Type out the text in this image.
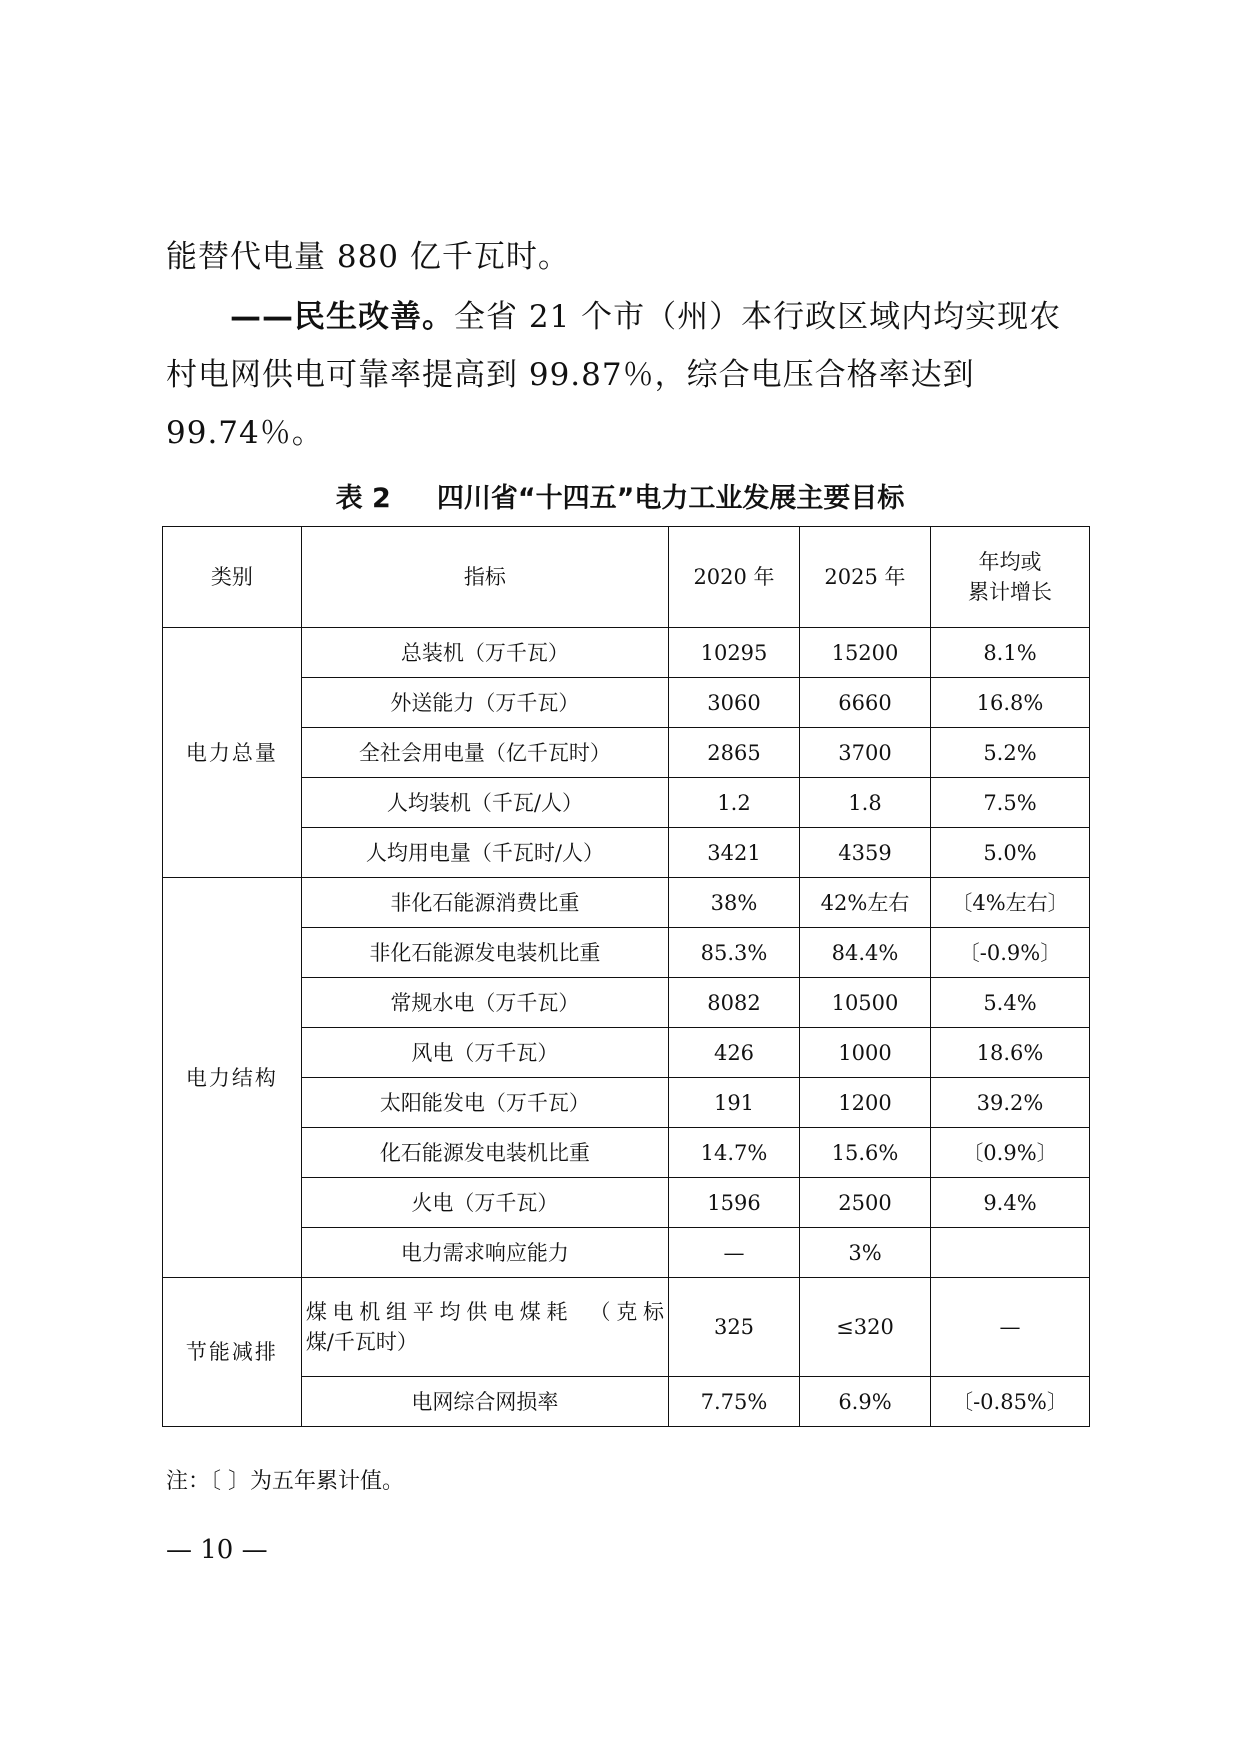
能替代电量 880 亿千瓦时。
——民生改善。全省 21 个市（州）本行政区域内均实现农村电网供电可靠率提高到 99.87％，综合电压合格率达到 99.74％。
表 2 四川省“十四五”电力工业发展主要目标
类别	指标	2020 年	2025 年	年均或
累计增长

电力总量	总装机（万千瓦）	10295	15200	8.1%
	外送能力（万千瓦）	3060	6660	16.8%
	全社会用电量（亿千瓦时）	2865	3700	5.2%
	人均装机（千瓦/人）	1.2	1.8	7.5%
	人均用电量（千瓦时/人）	3421	4359	5.0%
电力结构	非化石能源消费比重	38%	42%左右	〔4%左右〕
	非化石能源发电装机比重	85.3%	84.4%	〔-0.9%〕
	常规水电（万千瓦）	8082	10500	5.4%
	风电（万千瓦）	426	1000	18.6%
	太阳能发电（万千瓦）	191	1200	39.2%
	化石能源发电装机比重	14.7%	15.6%	〔0.9%〕
	火电（万千瓦）	1596	2500	9.4%
	电力需求响应能力	—	3%	
节能减排	煤电机组平均供电煤耗　（克标
煤/千瓦时）	325	≤320	—
	电网综合网损率	7.75%	6.9%	〔-0.85%〕
注：〔 〕为五年累计值。
— 10 —
